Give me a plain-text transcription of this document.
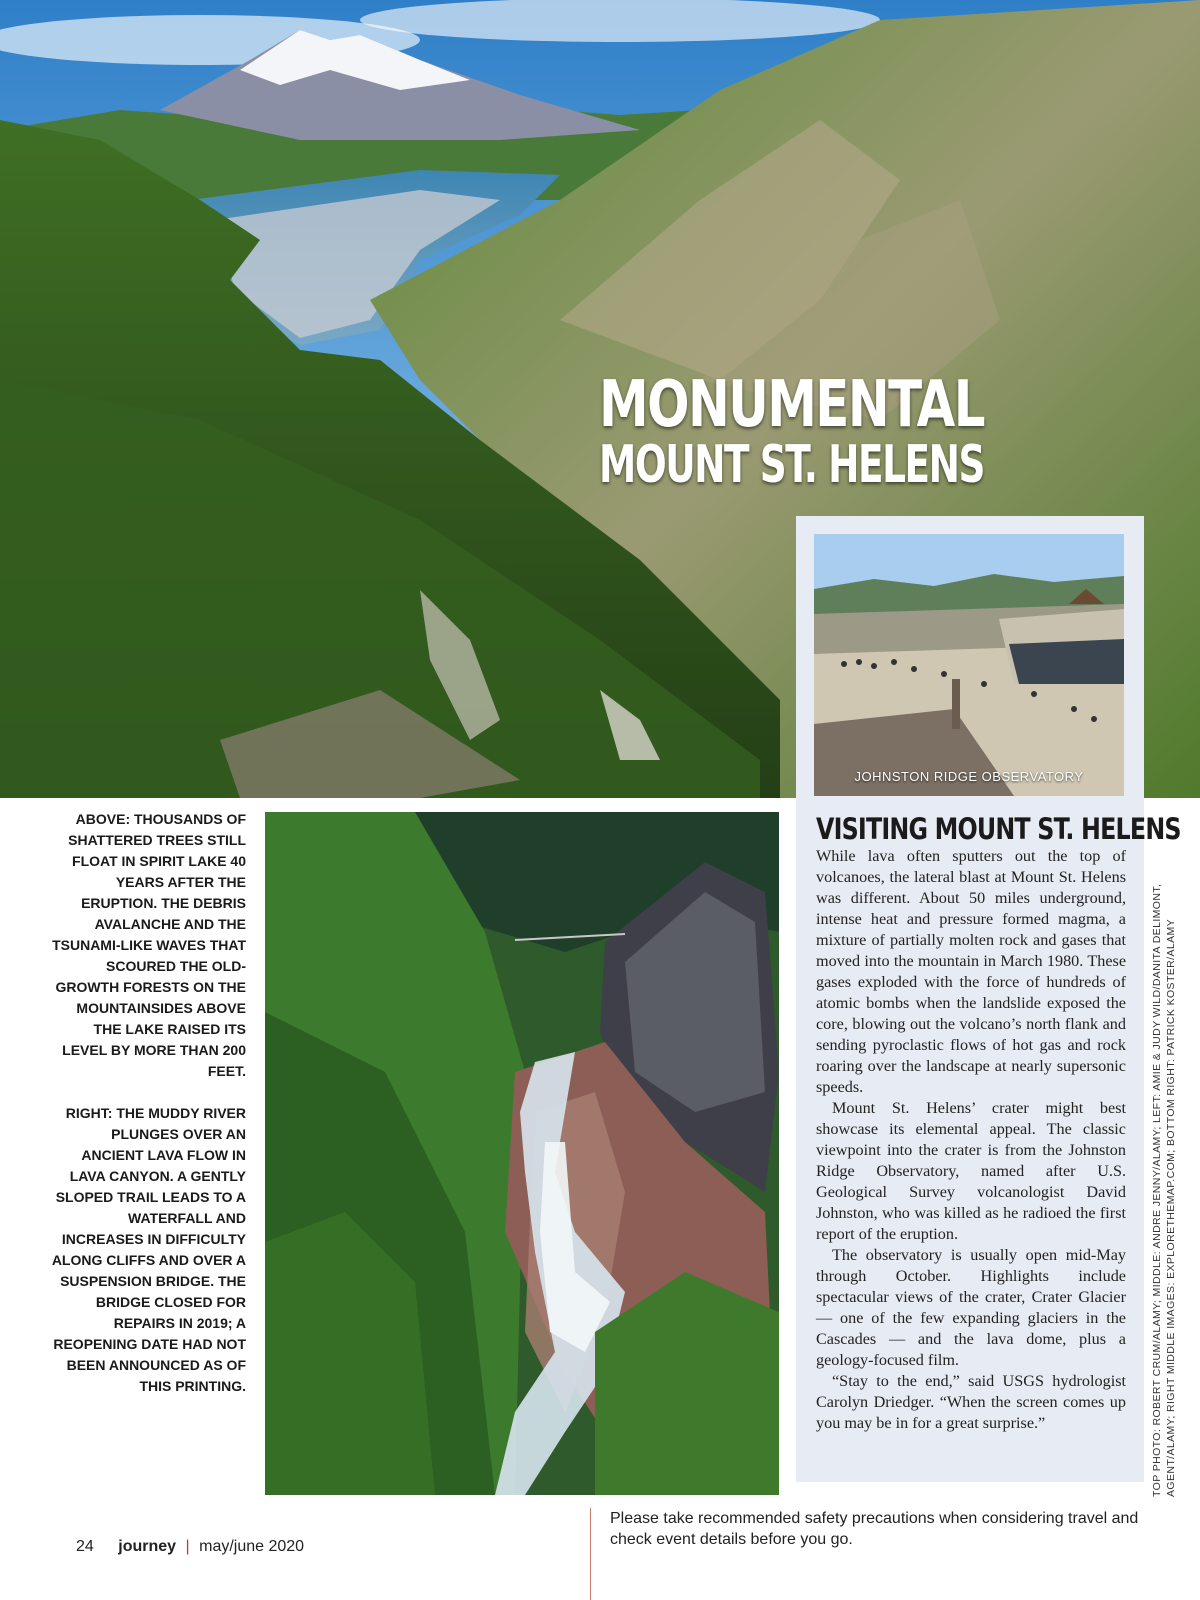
MONUMENTAL
MOUNT ST. HELENS
JOHNSTON RIDGE OBSERVATORY
VISITING MOUNT ST. HELENS

While lava often sputters out the top of volcanoes, the lateral blast at Mount St. Helens was different. About 50 miles underground, intense heat and pressure formed magma, a mixture of partially molten rock and gases that moved into the mountain in March 1980. These gases exploded with the force of hundreds of atomic bombs when the landslide exposed the core, blowing out the volcano’s north flank and sending pyroclastic flows of hot gas and rock roaring over the landscape at nearly supersonic speeds.

Mount St. Helens’ crater might best showcase its elemental appeal. The classic viewpoint into the crater is from the Johnston Ridge Observatory, named after U.S. Geological Survey volcanologist David Johnston, who was killed as he radioed the first report of the eruption.

The observatory is usually open mid-May through October. Highlights include spectacular views of the crater, Crater Glacier — one of the few expanding glaciers in the Cascades — and the lava dome, plus a geology-focused film.

“Stay to the end,” said USGS hydrologist Carolyn Driedger. “When the screen comes up you may be in for a great surprise.”

ABOVE: THOUSANDS OF SHATTERED TREES STILL FLOAT IN SPIRIT LAKE 40 YEARS AFTER THE ERUPTION. THE DEBRIS AVALANCHE AND THE TSUNAMI-LIKE WAVES THAT SCOURED THE OLD-GROWTH FORESTS ON THE MOUNTAINSIDES ABOVE THE LAKE RAISED ITS LEVEL BY MORE THAN 200 FEET.

RIGHT: THE MUDDY RIVER PLUNGES OVER AN ANCIENT LAVA FLOW IN LAVA CANYON. A GENTLY SLOPED TRAIL LEADS TO A WATERFALL AND INCREASES IN DIFFICULTY ALONG CLIFFS AND OVER A SUSPENSION BRIDGE. THE BRIDGE CLOSED FOR REPAIRS IN 2019; A REOPENING DATE HAD NOT BEEN ANNOUNCED AS OF THIS PRINTING.	TOP PHOTO: ROBERT CRUM/ALAMY; MIDDLE: ANDRE JENNY/ALAMY; LEFT: AMIE & JUDY WILD/DANITA DELIMONT, AGENT/ALAMY; RIGHT MIDDLE IMAGES: EXPLORETHEMAP.COM; BOTTOM RIGHT: PATRICK KOSTER/ALAMY
24 journey | may/june 2020
Please take recommended safety precautions when considering travel and check event details before you go.
